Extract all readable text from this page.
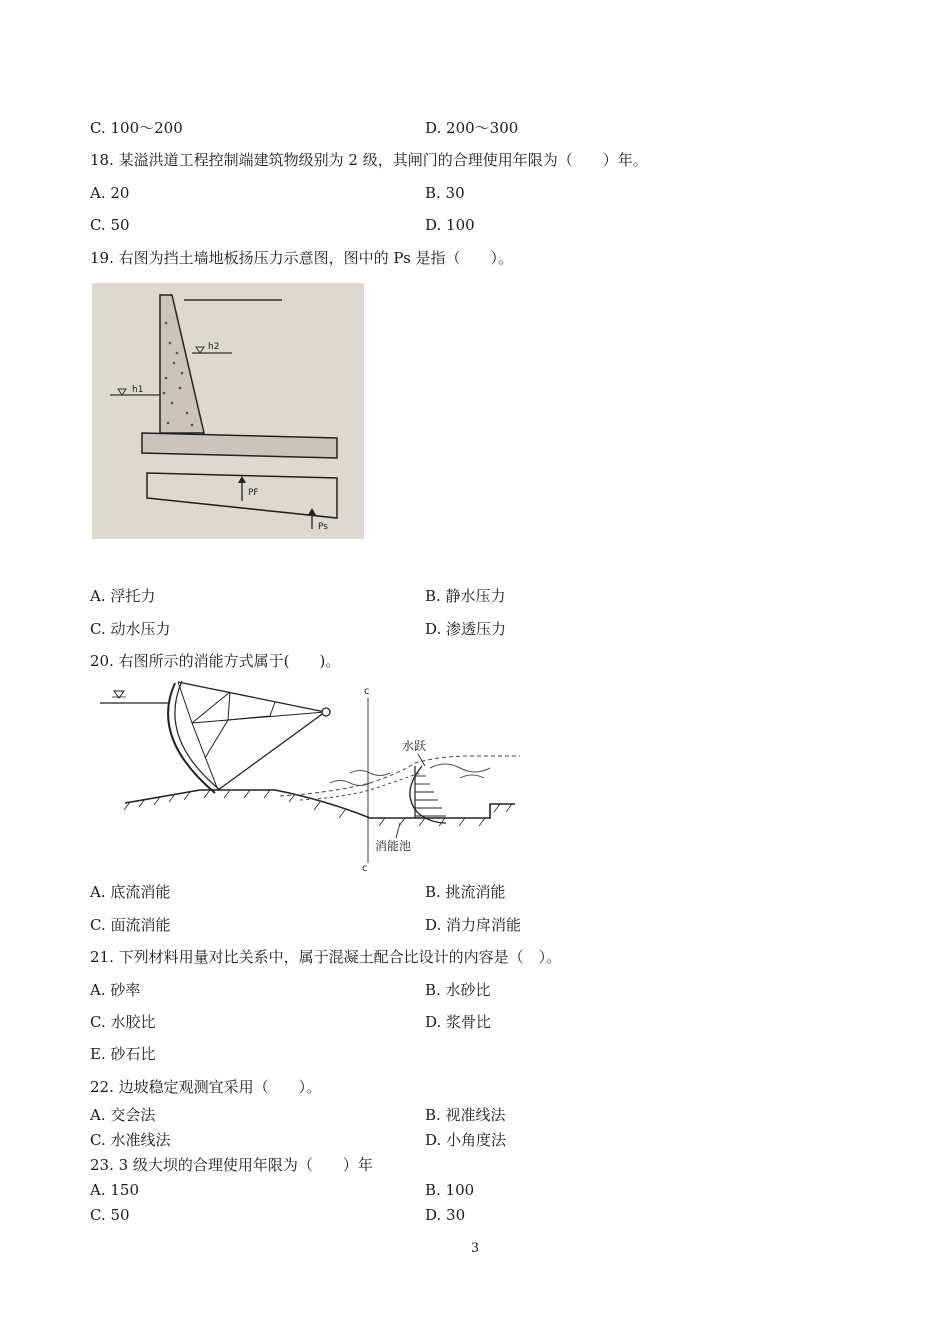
C. 100～200	D. 200～300
18. 某溢洪道工程控制端建筑物级别为 2 级，其闸门的合理使用年限为（　　）年。
A. 20	B. 30
C. 50	D. 100
19. 右图为挡土墙地板扬压力示意图，图中的 Ps 是指（　　）。
h2
h1
PF
Ps
A. 浮托力	B. 静水压力
C. 动水压力	D. 渗透压力
20. 右图所示的消能方式属于(　　)。
c
c
水跃
消能池
A. 底流消能	B. 挑流消能
C. 面流消能	D. 消力戽消能
21. 下列材料用量对比关系中，属于混凝土配合比设计的内容是（　）。
A. 砂率	B. 水砂比
C. 水胶比	D. 浆骨比
E. 砂石比
22. 边坡稳定观测宜采用（　　）。
A. 交会法	B. 视准线法
C. 水准线法	D. 小角度法
23. 3 级大坝的合理使用年限为（　　）年
A. 150	B. 100
C. 50	D. 30
3
